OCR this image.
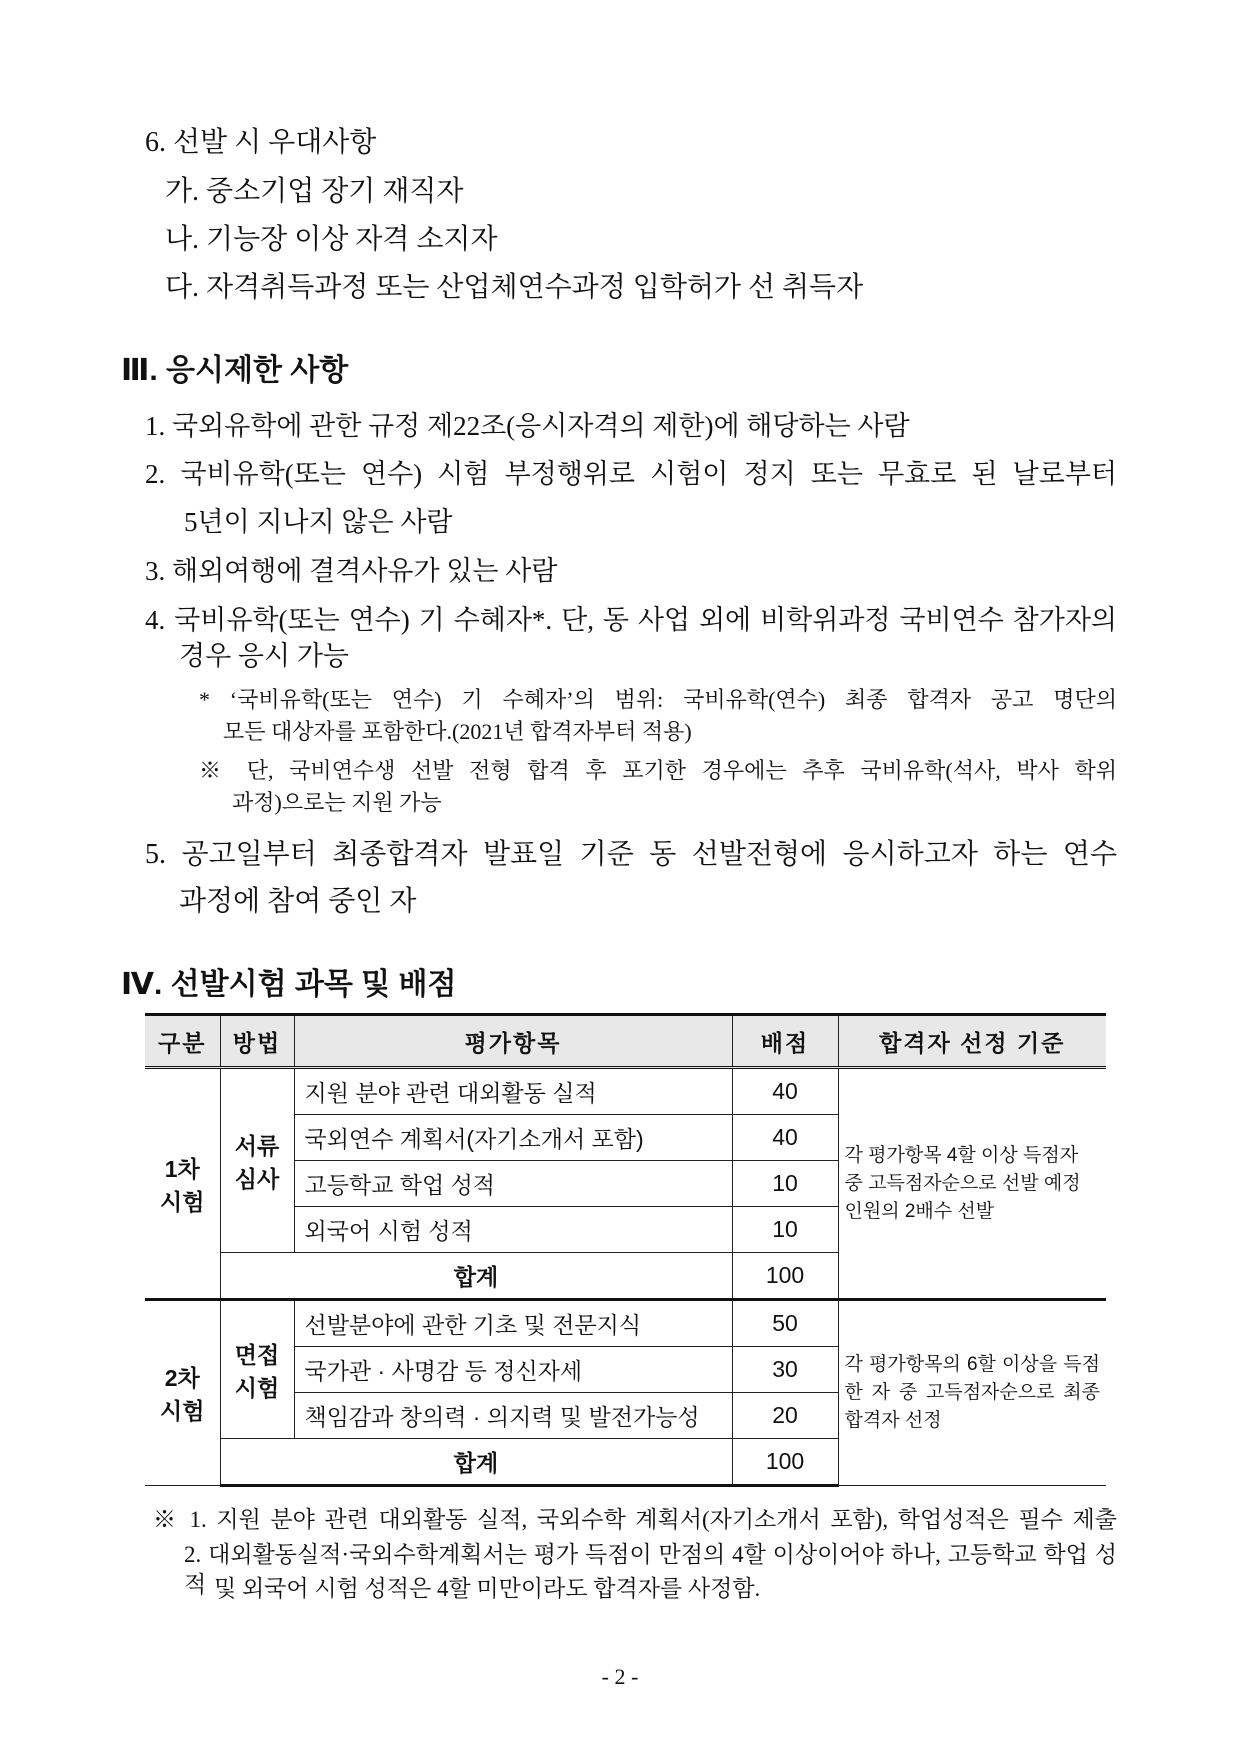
6. 선발 시 우대사항
가. 중소기업 장기 재직자
나. 기능장 이상 자격 소지자
다. 자격취득과정 또는 산업체연수과정 입학허가 선 취득자
Ⅲ. 응시제한 사항
1. 국외유학에 관한 규정 제22조(응시자격의 제한)에 해당하는 사람
2. 국비유학(또는 연수) 시험 부정행위로 시험이 정지 또는 무효로 된 날로부터
5년이 지나지 않은 사람
3. 해외여행에 결격사유가 있는 사람
4. 국비유학(또는 연수) 기 수혜자*. 단, 동 사업 외에 비학위과정 국비연수 참가자의
경우 응시 가능
* ‘국비유학(또는 연수) 기 수혜자’의 범위: 국비유학(연수) 최종 합격자 공고 명단의
모든 대상자를 포함한다.(2021년 합격자부터 적용)
※ 단, 국비연수생 선발 전형 합격 후 포기한 경우에는 추후 국비유학(석사, 박사 학위
과정)으로는 지원 가능
5. 공고일부터 최종합격자 발표일 기준 동 선발전형에 응시하고자 하는 연수
과정에 참여 중인 자
Ⅳ. 선발시험 과목 및 배점
구분	방법	평가항목	배점	합격자 선정 기준
1차 시험	서류 심사	지원 분야 관련 대외활동 실적	40	각 평가항목 4할 이상 득점자 중 고득점자순으로 선발 예정 인원의 2배수 선발
		국외연수 계획서(자기소개서 포함)	40	
		고등학교 학업 성적	10	
		외국어 시험 성적	10	
	합계		100	
2차 시험	면접 시험	선발분야에 관한 기초 및 전문지식	50	각 평가항목의 6할 이상을 득점한 자 중 고득점자순으로 최종 합격자 선정
		국가관 · 사명감 등 정신자세	30	
		책임감과 창의력 · 의지력 및 발전가능성	20	
	합계		100	
※ 1. 지원 분야 관련 대외활동 실적, 국외수학 계획서(자기소개서 포함), 학업성적은 필수 제출
2. 대외활동실적·국외수학계획서는 평가 득점이 만점의 4할 이상이어야 하나, 고등학교 학업 성적 및 외국어 시험 성적은 4할 미만이라도 합격자를 사정함.
- 2 -
